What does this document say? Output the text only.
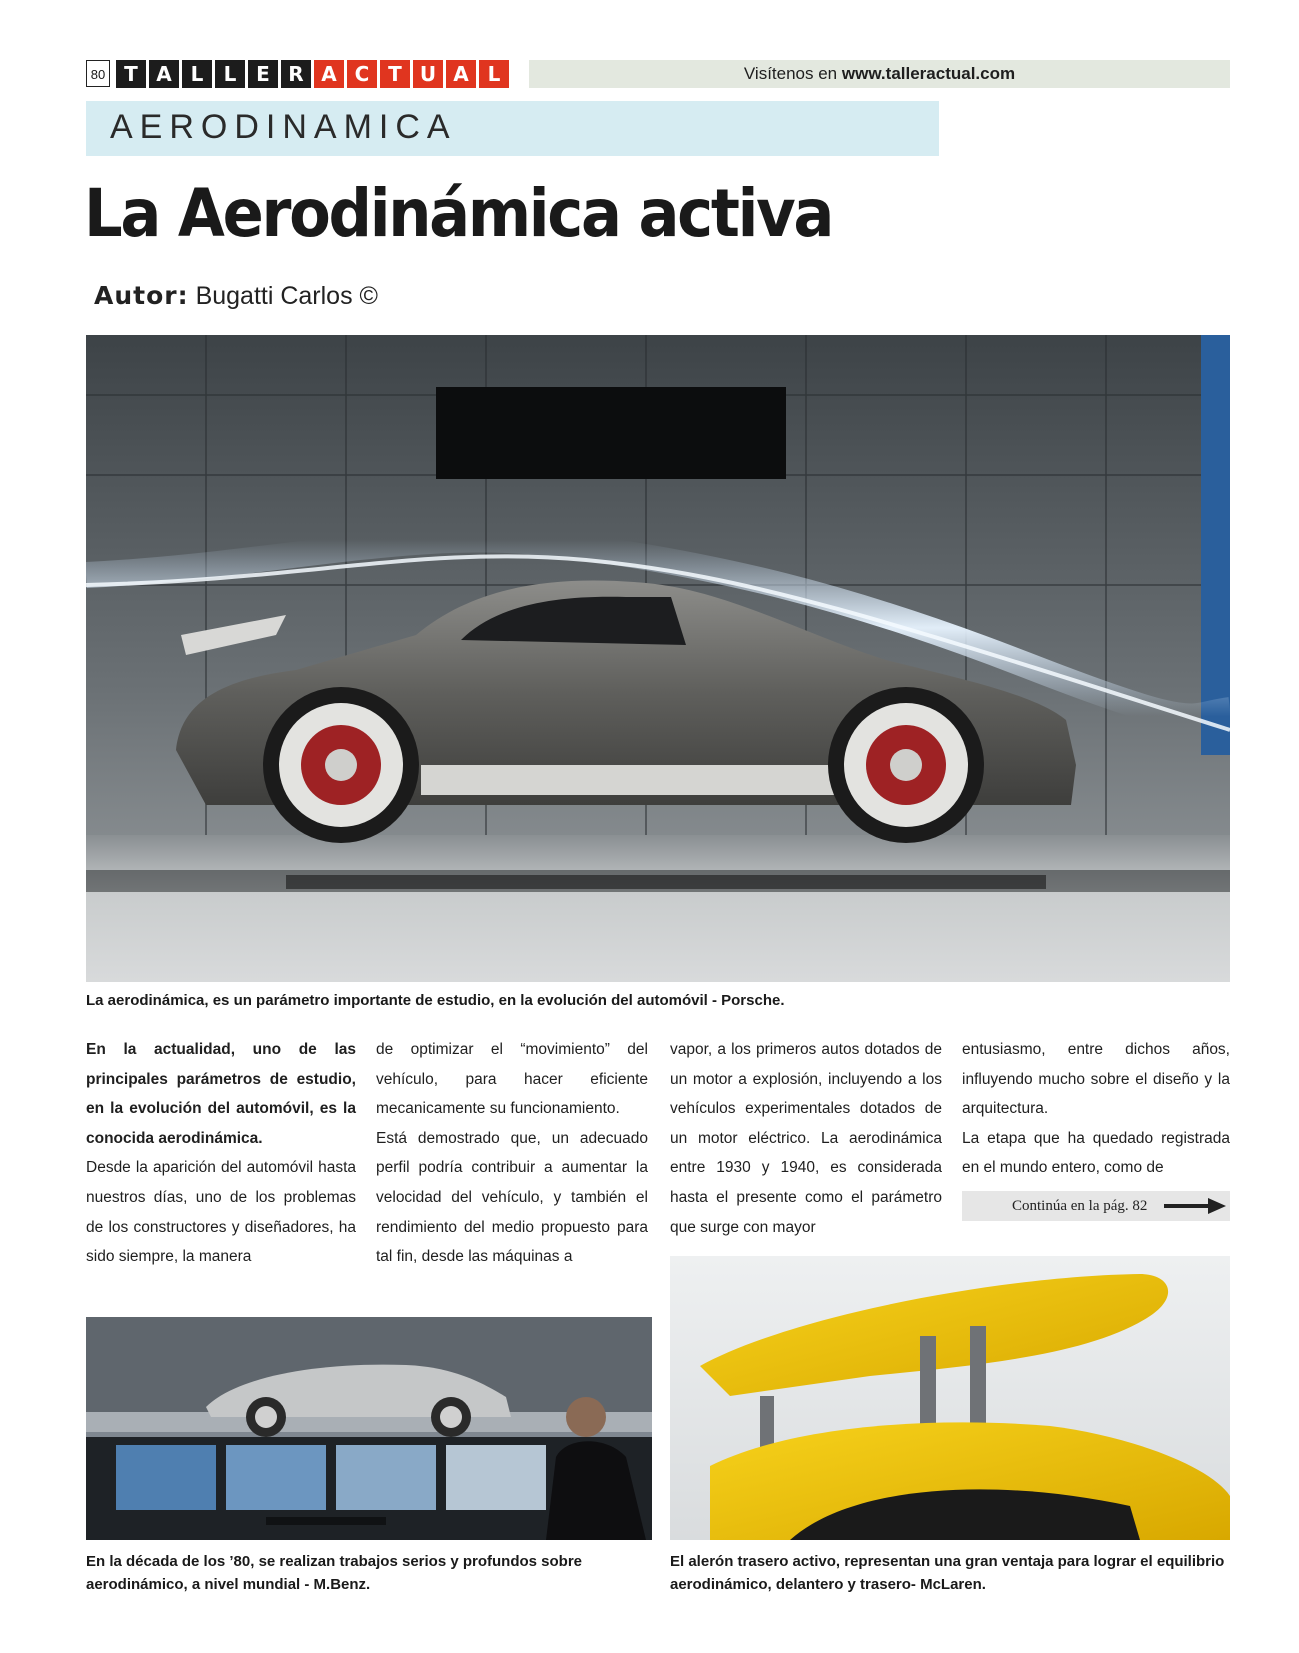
80 T A L	L E R A C T U A L	Visítenos en www.talleractual.com
AERODINAMICA
La Aerodinámica activa
Autor: Bugatti Carlos ©
La aerodinámica, es un parámetro importante de estudio, en la evolución del automóvil - Porsche.

En la actualidad, uno de las principales parámetros de estudio, en la evolución del automóvil, es la conocida aerodinámica.

Desde la aparición del automóvil hasta nuestros días, uno de los problemas de los constructores y diseñadores, ha sido siempre, la manera

de optimizar el “movimiento” del vehículo, para hacer eficiente mecanicamente su funcionamiento.

Está demostrado que, un adecuado perfil podría contribuir a aumentar la velocidad del vehículo, y también el rendimiento del medio propuesto para tal fin, desde las máquinas a

vapor, a los primeros autos dotados de un motor a explosión, incluyendo a los vehículos experimentales dotados de un motor eléctrico. La aerodinámica entre 1930 y 1940, es considerada hasta el presente como el parámetro que surge con mayor

entusiasmo, entre dichos años, influyendo mucho sobre el diseño y la arquitectura.

La etapa que ha quedado registrada en el mundo entero, como de

Continúa en la pág. 82
En la década de los ’80, se realizan trabajos serios y profundos sobre aerodinámico, a nivel mundial - M.Benz.
El alerón trasero activo, representan una gran ventaja para lograr el equilibrio aerodinámico, delantero y trasero- McLaren.
